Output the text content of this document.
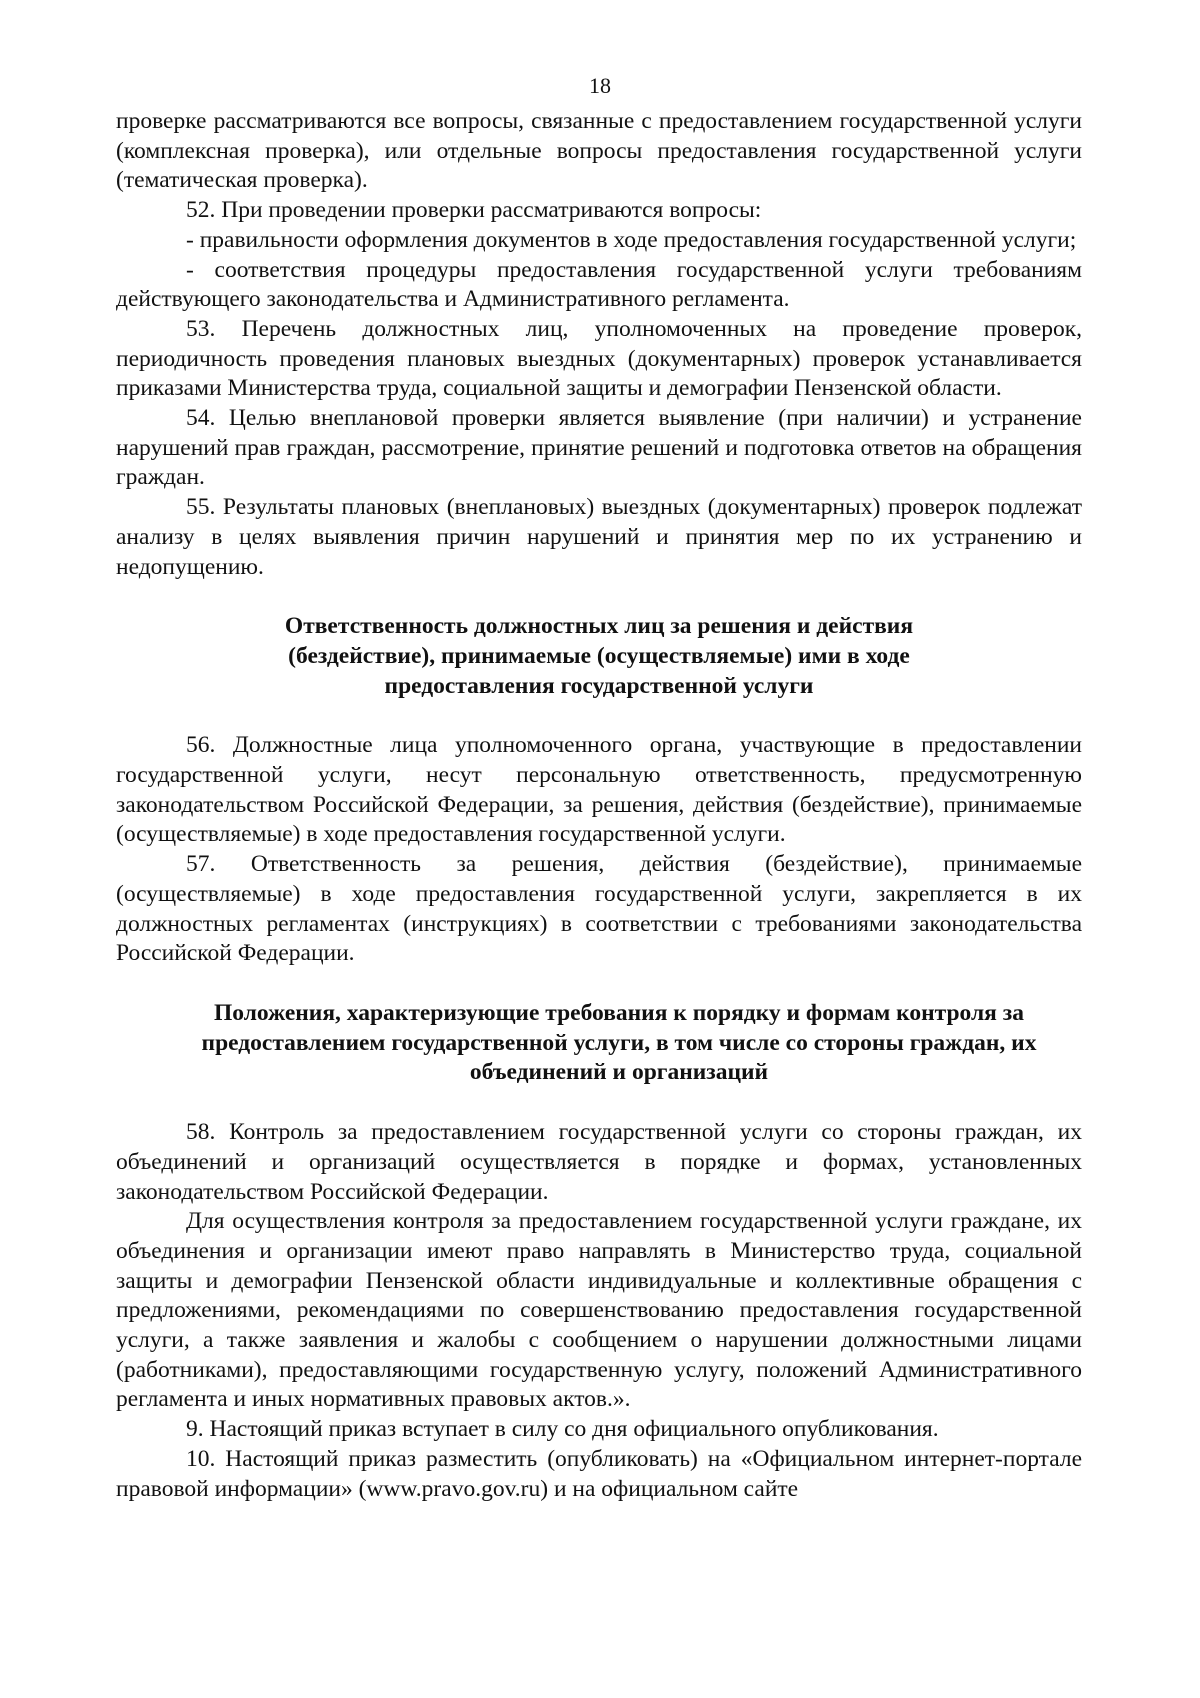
18

проверке рассматриваются все вопросы, связанные с предоставлением государственной услуги (комплексная проверка), или отдельные вопросы предоставления государственной услуги (тематическая проверка).

52. При проведении проверки рассматриваются вопросы:

- правильности оформления документов в ходе предоставления государственной услуги;

- соответствия процедуры предоставления государственной услуги требованиям действующего законодательства и Административного регламента.

53. Перечень должностных лиц, уполномоченных на проведение проверок, периодичность проведения плановых выездных (документарных) проверок устанавливается приказами Министерства труда, социальной защиты и демографии Пензенской области.

54. Целью внеплановой проверки является выявление (при наличии) и устранение нарушений прав граждан, рассмотрение, принятие решений и подготовка ответов на обращения граждан.

55. Результаты плановых (внеплановых) выездных (документарных) проверок подлежат анализу в целях выявления причин нарушений и принятия мер по их устранению и недопущению.

Ответственность должностных лиц за решения и действия
(бездействие), принимаемые (осуществляемые) ими в ходе
предоставления государственной услуги

56. Должностные лица уполномоченного органа, участвующие в предоставлении государственной услуги, несут персональную ответственность, предусмотренную законодательством Российской Федерации, за решения, действия (бездействие), принимаемые (осуществляемые) в ходе предоставления государственной услуги.

57. Ответственность за решения, действия (бездействие), принимаемые (осуществляемые) в ходе предоставления государственной услуги, закрепляется в их должностных регламентах (инструкциях) в соответствии с требованиями законодательства Российской Федерации.

Положения, характеризующие требования к порядку и формам контроля за
предоставлением государственной услуги, в том числе со стороны граждан, их
объединений и организаций

58. Контроль за предоставлением государственной услуги со стороны граждан, их объединений и организаций осуществляется в порядке и формах, установленных законодательством Российской Федерации.

Для осуществления контроля за предоставлением государственной услуги граждане, их объединения и организации имеют право направлять в Министерство труда, социальной защиты и демографии Пензенской области индивидуальные и коллективные обращения с предложениями, рекомендациями по совершенствованию предоставления государственной услуги, а также заявления и жалобы с сообщением о нарушении должностными лицами (работниками), предоставляющими государственную услугу, положений Административного регламента и иных нормативных правовых актов.».

9. Настоящий приказ вступает в силу со дня официального опубликования.

10. Настоящий приказ разместить (опубликовать) на «Официальном интернет-портале правовой информации» (www.pravo.gov.ru) и на официальном сайте
